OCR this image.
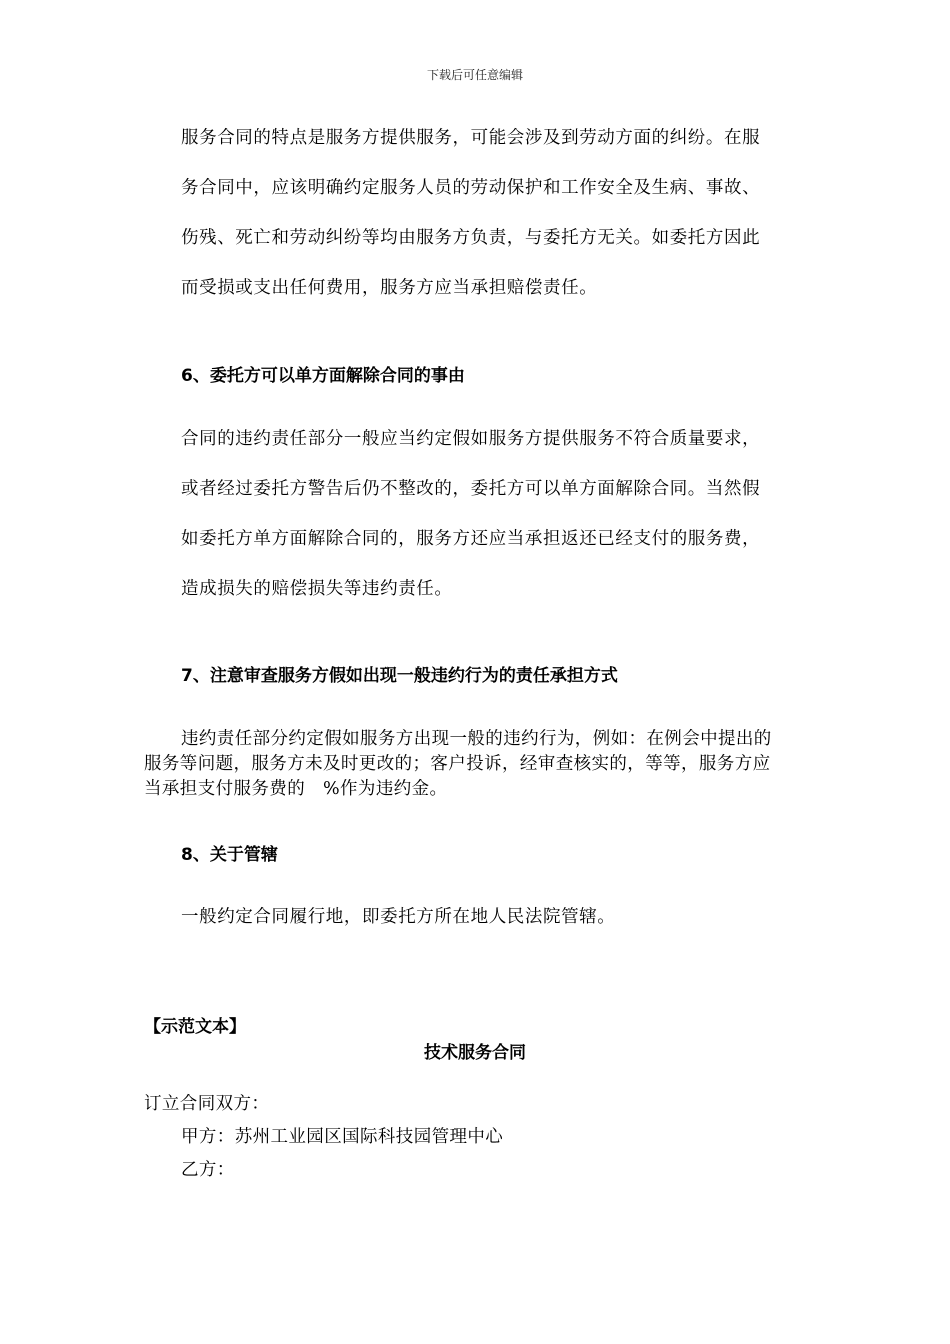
下载后可任意编辑
服务合同的特点是服务方提供服务，可能会涉及到劳动方面的纠纷。在服
务合同中，应该明确约定服务人员的劳动保护和工作安全及生病、事故、
伤残、死亡和劳动纠纷等均由服务方负责，与委托方无关。如委托方因此
而受损或支出任何费用，服务方应当承担赔偿责任。
6、委托方可以单方面解除合同的事由
合同的违约责任部分一般应当约定假如服务方提供服务不符合质量要求，
或者经过委托方警告后仍不整改的，委托方可以单方面解除合同。当然假
如委托方单方面解除合同的，服务方还应当承担返还已经支付的服务费，
造成损失的赔偿损失等违约责任。
7、注意审查服务方假如出现一般违约行为的责任承担方式
违约责任部分约定假如服务方出现一般的违约行为，例如：在例会中提出的
服务等问题，服务方未及时更改的；客户投诉，经审查核实的，等等，服务方应
当承担支付服务费的　%作为违约金。
8、关于管辖
一般约定合同履行地，即委托方所在地人民法院管辖。
【示范文本】
技术服务合同
订立合同双方：
甲方：苏州工业园区国际科技园管理中心
乙方：
